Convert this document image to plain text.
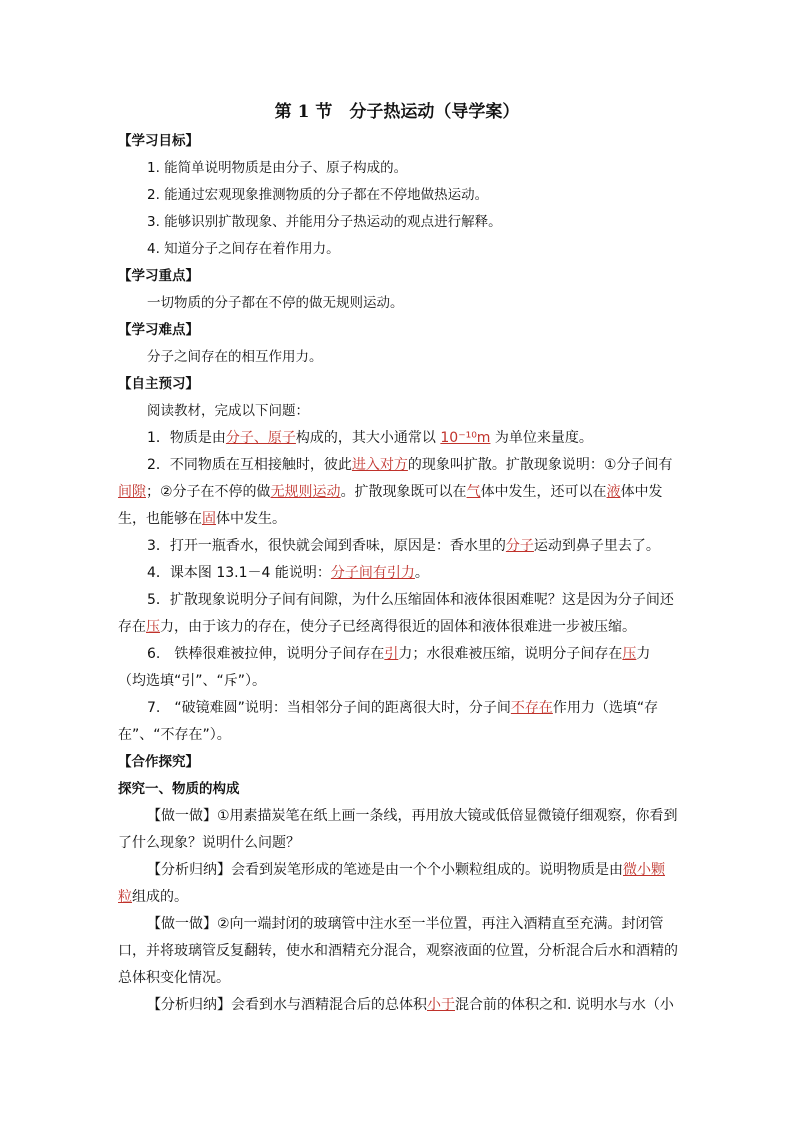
第 1 节　分子热运动（导学案）
【学习目标】
1. 能简单说明物质是由分子、原子构成的。
2. 能通过宏观现象推测物质的分子都在不停地做热运动。
3. 能够识别扩散现象、并能用分子热运动的观点进行解释。
4. 知道分子之间存在着作用力。
【学习重点】
一切物质的分子都在不停的做无规则运动。
【学习难点】
分子之间存在的相互作用力。
【自主预习】
阅读教材，完成以下问题：
1．物质是由分子、原子构成的，其大小通常以 10⁻¹⁰m 为单位来量度。
2．不同物质在互相接触时，彼此进入对方的现象叫扩散。扩散现象说明：①分子间有间隙；②分子在不停的做无规则运动。扩散现象既可以在气体中发生，还可以在液体中发生，也能够在固体中发生。
3．打开一瓶香水，很快就会闻到香味，原因是：香水里的分子运动到鼻子里去了。
4．课本图 13.1－4 能说明：分子间有引力。
5．扩散现象说明分子间有间隙，为什么压缩固体和液体很困难呢？这是因为分子间还存在压力，由于该力的存在，使分子已经离得很近的固体和液体很难进一步被压缩。
6.　铁棒很难被拉伸，说明分子间存在引力；水很难被压缩，说明分子间存在压力（均选填“引”、“斥”）。
7.　“破镜难圆”说明：当相邻分子间的距离很大时，分子间不存在作用力（选填“存在”、“不存在”）。
【合作探究】
探究一、物质的构成
【做一做】①用素描炭笔在纸上画一条线，再用放大镜或低倍显微镜仔细观察，你看到了什么现象？说明什么问题？
【分析归纳】会看到炭笔形成的笔迹是由一个个小颗粒组成的。说明物质是由微小颗粒组成的。
【做一做】②向一端封闭的玻璃管中注水至一半位置，再注入酒精直至充满。封闭管口，并将玻璃管反复翻转，使水和酒精充分混合，观察液面的位置，分析混合后水和酒精的总体积变化情况。
【分析归纳】会看到水与酒精混合后的总体积小于混合前的体积之和. 说明水与水（小
